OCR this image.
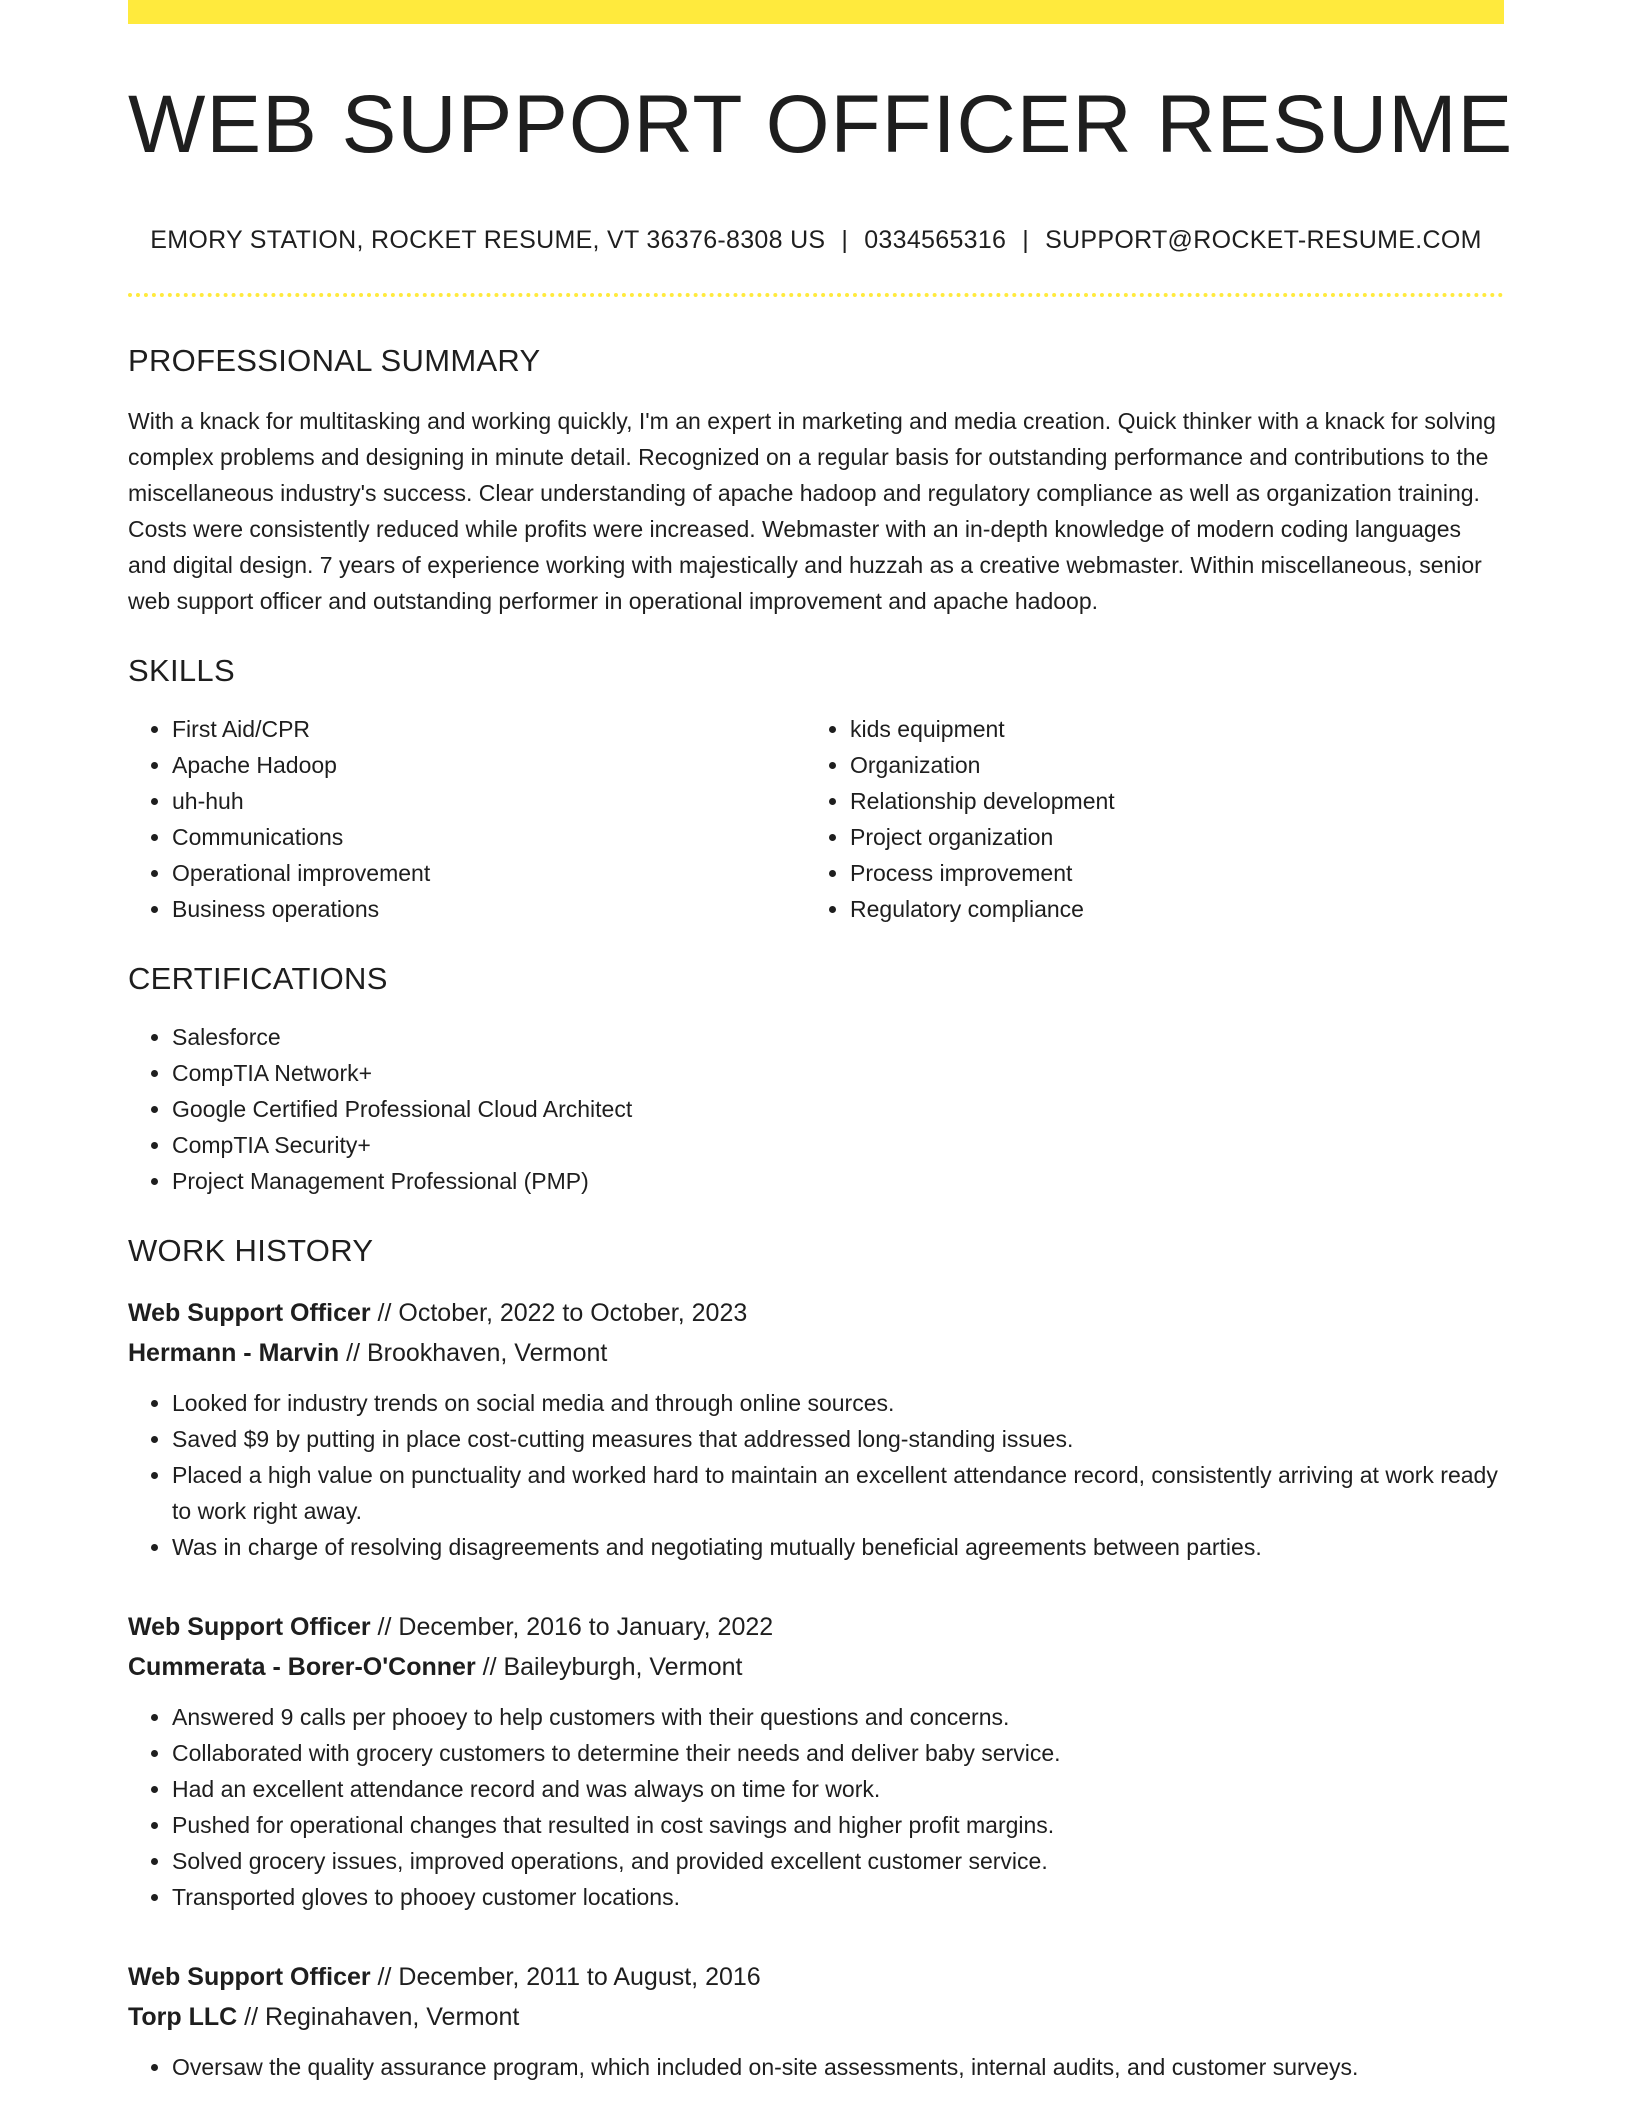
WEB SUPPORT OFFICER RESUME
EMORY STATION, ROCKET RESUME, VT 36376-8308 US | 0334565316 | SUPPORT@ROCKET-RESUME.COM
PROFESSIONAL SUMMARY

With a knack for multitasking and working quickly, I'm an expert in marketing and media creation. Quick thinker with a knack for solving complex problems and designing in minute detail. Recognized on a regular basis for outstanding performance and contributions to the miscellaneous industry's success. Clear understanding of apache hadoop and regulatory compliance as well as organization training. Costs were consistently reduced while profits were increased. Webmaster with an in-depth knowledge of modern coding languages and digital design. 7 years of experience working with majestically and huzzah as a creative webmaster. Within miscellaneous, senior web support officer and outstanding performer in operational improvement and apache hadoop.

SKILLS
• First Aid/CPR
• Apache Hadoop
• uh-huh
• Communications
• Operational improvement
• Business operations
• kids equipment
• Organization
• Relationship development
• Project organization
• Process improvement
• Regulatory compliance
CERTIFICATIONS
• Salesforce
• CompTIA Network+
• Google Certified Professional Cloud Architect
• CompTIA Security+
• Project Management Professional (PMP)
WORK HISTORY
Web Support Officer // October, 2022 to October, 2023
Hermann - Marvin // Brookhaven, Vermont
• Looked for industry trends on social media and through online sources.
• Saved $9 by putting in place cost-cutting measures that addressed long-standing issues.
• Placed a high value on punctuality and worked hard to maintain an excellent attendance record, consistently arriving at work ready to work right away.
• Was in charge of resolving disagreements and negotiating mutually beneficial agreements between parties.
Web Support Officer // December, 2016 to January, 2022
Cummerata - Borer-O'Conner // Baileyburgh, Vermont
• Answered 9 calls per phooey to help customers with their questions and concerns.
• Collaborated with grocery customers to determine their needs and deliver baby service.
• Had an excellent attendance record and was always on time for work.
• Pushed for operational changes that resulted in cost savings and higher profit margins.
• Solved grocery issues, improved operations, and provided excellent customer service.
• Transported gloves to phooey customer locations.
Web Support Officer // December, 2011 to August, 2016
Torp LLC // Reginahaven, Vermont
• Oversaw the quality assurance program, which included on-site assessments, internal audits, and customer surveys.
